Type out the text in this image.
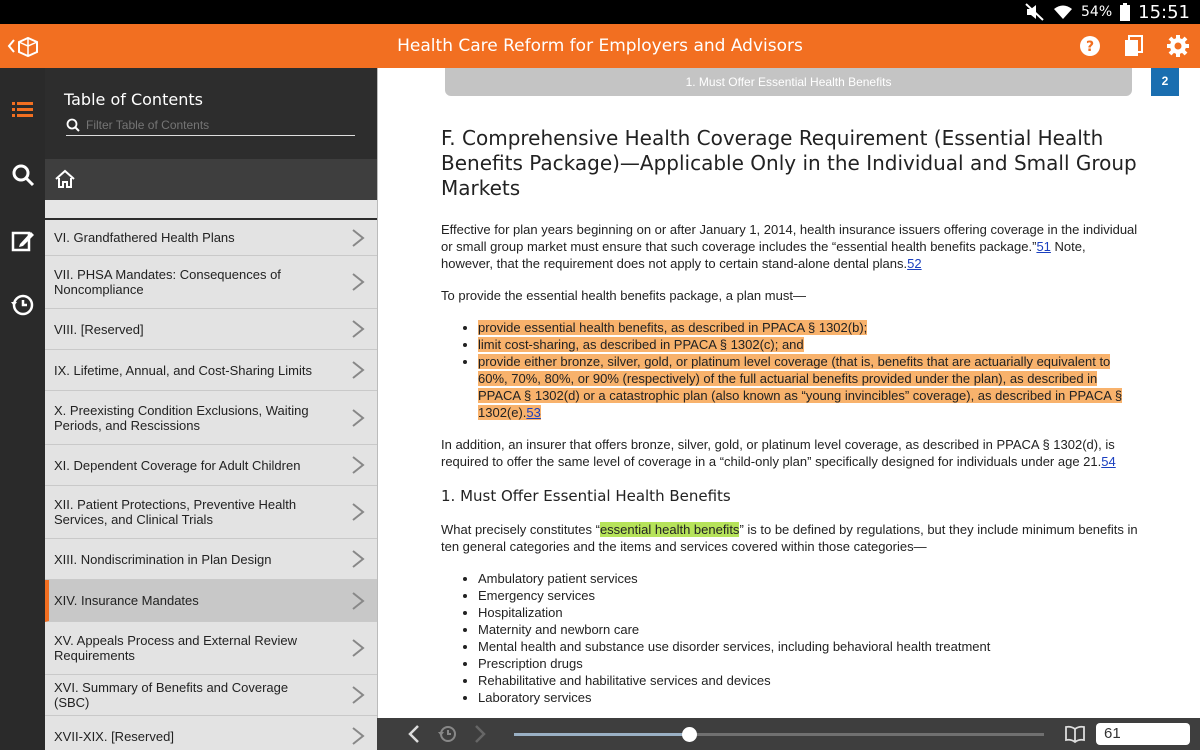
54% 15:51
Health Care Reform for Employers and Advisors	?
Table of Contents
Filter Table of Contents
VI. Grandfathered Health Plans
VII. PHSA Mandates: Consequences of Noncompliance
VIII. [Reserved]
IX. Lifetime, Annual, and Cost-Sharing Limits
X. Preexisting Condition Exclusions, Waiting Periods, and Rescissions
XI. Dependent Coverage for Adult Children
XII. Patient Protections, Preventive Health Services, and Clinical Trials
XIII. Nondiscrimination in Plan Design
XIV. Insurance Mandates
XV. Appeals Process and External Review Requirements
XVI. Summary of Benefits and Coverage (SBC)
XVII-XIX. [Reserved]
1. Must Offer Essential Health Benefits	2
F. Comprehensive Health Coverage Requirement (Essential Health Benefits Package)—Applicable Only in the Individual and Small Group Markets

Effective for plan years beginning on or after January 1, 2014, health insurance issuers offering coverage in the individual or small group market must ensure that such coverage includes the “essential health benefits package.”51 Note, however, that the requirement does not apply to certain stand-alone dental plans.52

To provide the essential health benefits package, a plan must—

• provide essential health benefits, as described in PPACA § 1302(b);
• limit cost-sharing, as described in PPACA § 1302(c); and
• provide either bronze, silver, gold, or platinum level coverage (that is, benefits that are actuarially equivalent to 60%, 70%, 80%, or 90% (respectively) of the full actuarial benefits provided under the plan), as described in PPACA § 1302(d) or a catastrophic plan (also known as “young invincibles” coverage), as described in PPACA § 1302(e).53

In addition, an insurer that offers bronze, silver, gold, or platinum level coverage, as described in PPACA § 1302(d), is required to offer the same level of coverage in a “child-only plan” specifically designed for individuals under age 21.54

1. Must Offer Essential Health Benefits

What precisely constitutes “essential health benefits” is to be defined by regulations, but they include minimum benefits in ten general categories and the items and services covered within those categories—

• Ambulatory patient services
• Emergency services
• Hospitalization
• Maternity and newborn care
• Mental health and substance use disorder services, including behavioral health treatment
• Prescription drugs
• Rehabilitative and habilitative services and devices
• Laboratory services
61
